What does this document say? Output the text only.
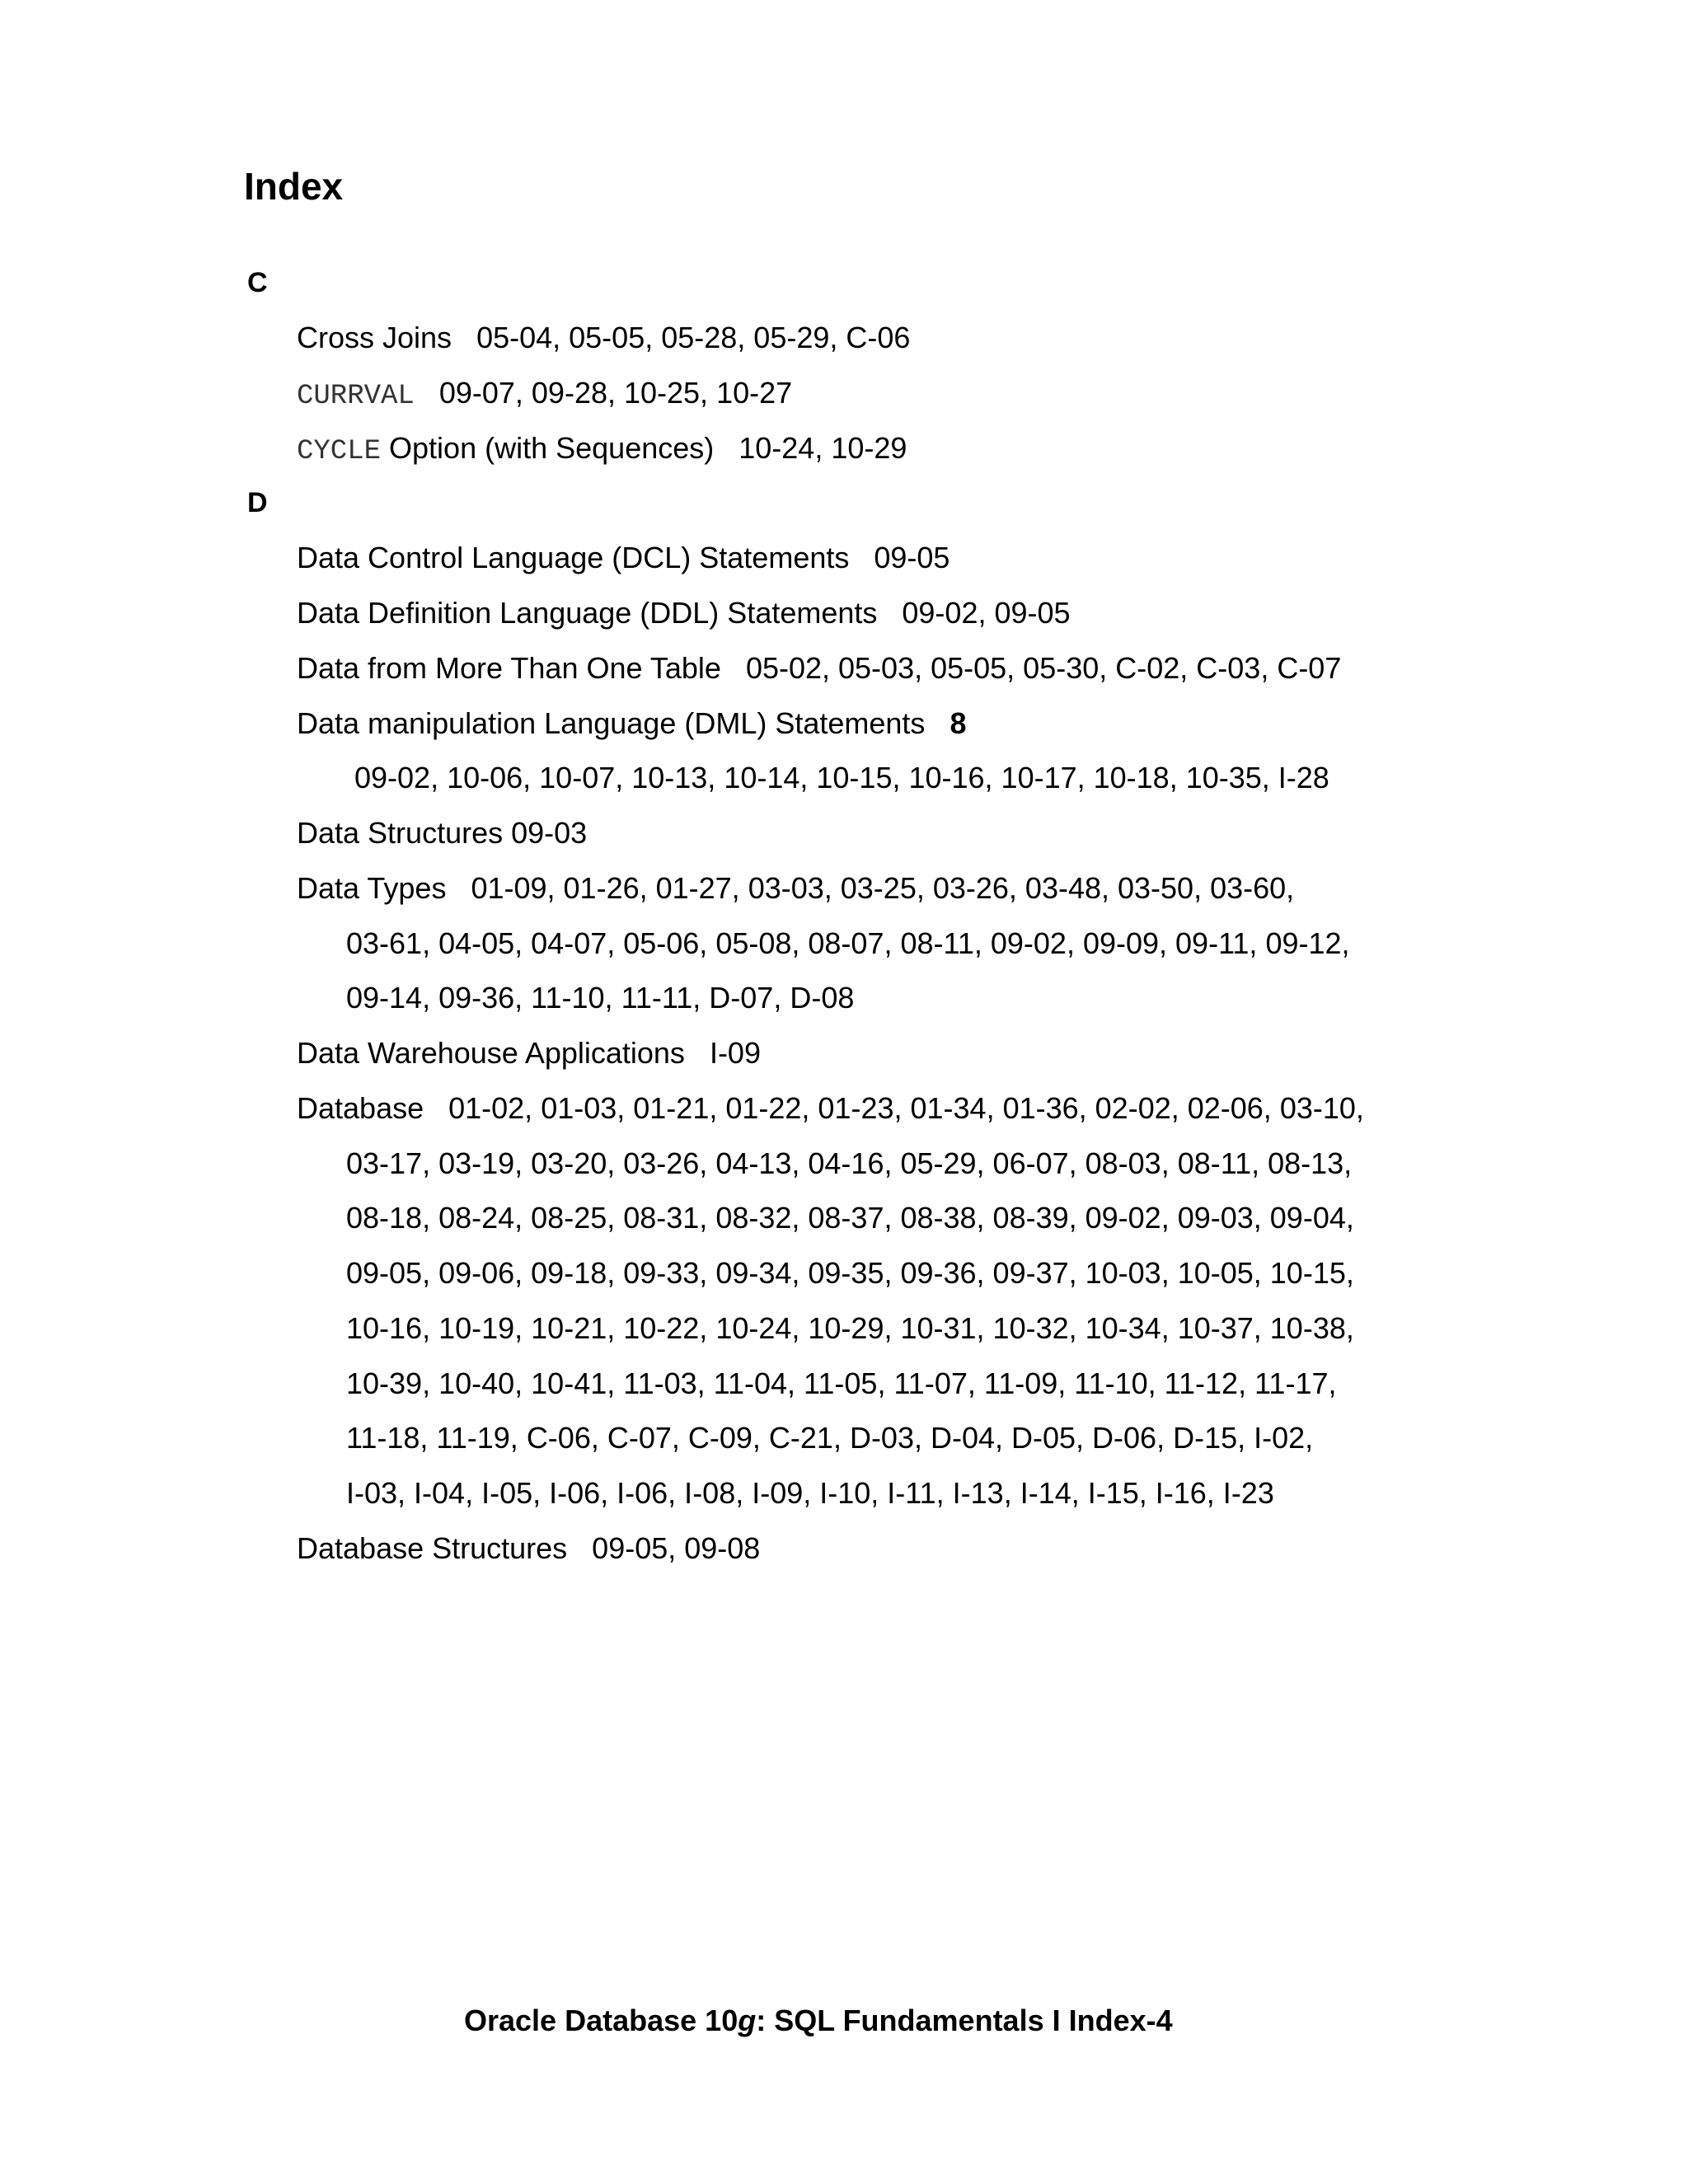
Index
C
Cross Joins 05-04, 05-05, 05-28, 05-29, C-06
CURRVAL 09-07, 09-28, 10-25, 10-27
CYCLE Option (with Sequences) 10-24, 10-29
D
Data Control Language (DCL) Statements 09-05
Data Definition Language (DDL) Statements 09-02, 09-05
Data from More Than One Table 05-02, 05-03, 05-05, 05-30, C-02, C-03, C-07
Data manipulation Language (DML) Statements 8
09-02, 10-06, 10-07, 10-13, 10-14, 10-15, 10-16, 10-17, 10-18, 10-35, I-28
Data Structures 09-03
Data Types 01-09, 01-26, 01-27, 03-03, 03-25, 03-26, 03-48, 03-50, 03-60,
03-61, 04-05, 04-07, 05-06, 05-08, 08-07, 08-11, 09-02, 09-09, 09-11, 09-12,
09-14, 09-36, 11-10, 11-11, D-07, D-08
Data Warehouse Applications I-09
Database 01-02, 01-03, 01-21, 01-22, 01-23, 01-34, 01-36, 02-02, 02-06, 03-10,
03-17, 03-19, 03-20, 03-26, 04-13, 04-16, 05-29, 06-07, 08-03, 08-11, 08-13,
08-18, 08-24, 08-25, 08-31, 08-32, 08-37, 08-38, 08-39, 09-02, 09-03, 09-04,
09-05, 09-06, 09-18, 09-33, 09-34, 09-35, 09-36, 09-37, 10-03, 10-05, 10-15,
10-16, 10-19, 10-21, 10-22, 10-24, 10-29, 10-31, 10-32, 10-34, 10-37, 10-38,
10-39, 10-40, 10-41, 11-03, 11-04, 11-05, 11-07, 11-09, 11-10, 11-12, 11-17,
11-18, 11-19, C-06, C-07, C-09, C-21, D-03, D-04, D-05, D-06, D-15, I-02,
I-03, I-04, I-05, I-06, I-06, I-08, I-09, I-10, I-11, I-13, I-14, I-15, I-16, I-23
Database Structures 09-05, 09-08
Oracle Database 10g: SQL Fundamentals I Index-4
